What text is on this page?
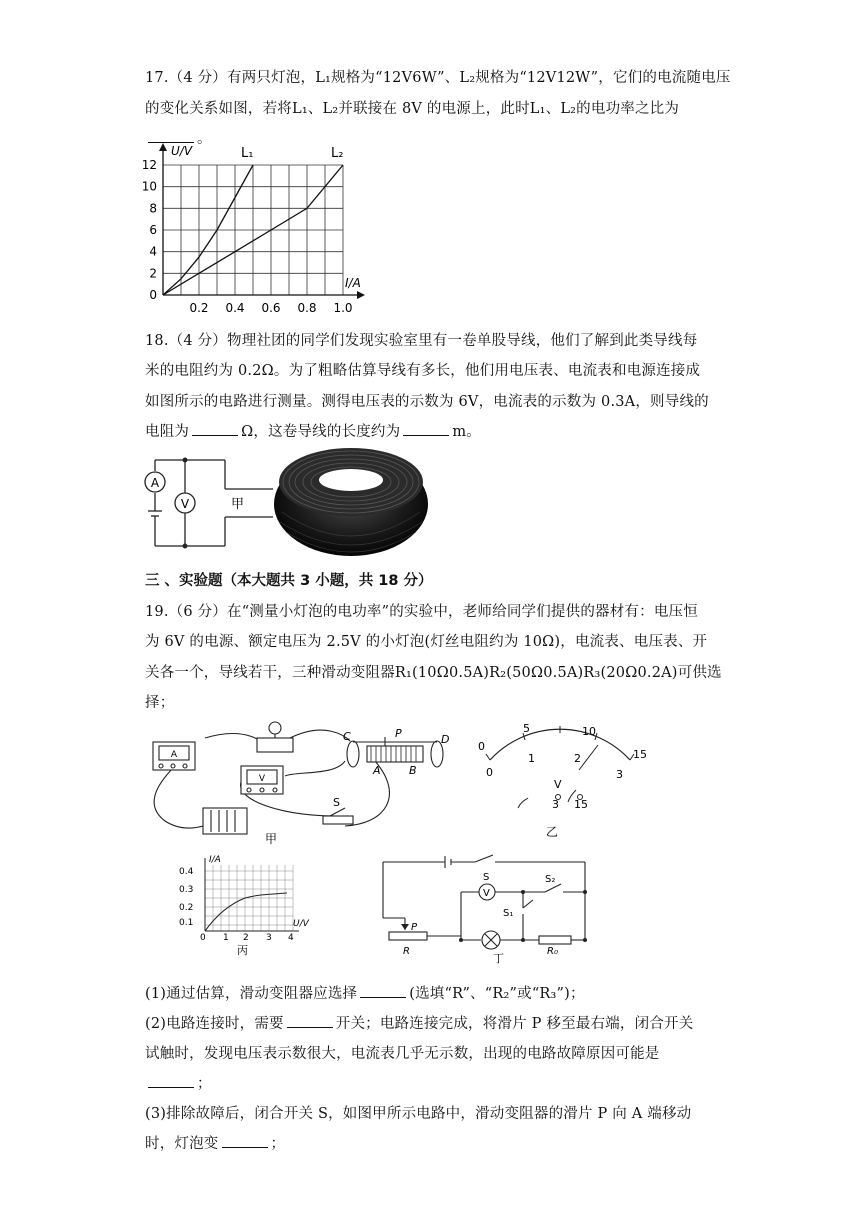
17.（4 分）有两只灯泡，L₁规格为“12V6W”、L₂规格为“12V12W”，它们的电流随电压
的变化关系如图，若将L₁、L₂并联接在 8V 的电源上，此时L₁、L₂的电功率之比为
。
0.2 0.4 0.6 0.8 1.0
0
2
4
6
8
10
12
U/V
I/A
L₁	L₂
18.（4 分）物理社团的同学们发现实验室里有一卷单股导线，他们了解到此类导线每
米的电阻约为 0.2Ω。为了粗略估算导线有多长，他们用电压表、电流表和电源连接成
如图所示的电路进行测量。测得电压表的示数为 6V，电流表的示数为 0.3A，则导线的
电阻为	Ω，这卷导线的长度约为	m。
A
V	甲
三 、实验题（本大题共 3 小题，共 18 分）
19.（6 分）在“测量小灯泡的电功率”的实验中，老师给同学们提供的器材有：电压恒
为 6V 的电源、额定电压为 2.5V 的小灯泡(灯丝电阻约为 10Ω)，电流表、电压表、开
关各一个，导线若干，三种滑动变阻器R₁(10Ω0.5A)R₂(50Ω0.5A)R₃(20Ω0.2A)可供选
择；
A
V
C	P	D
A	B
S
甲
5	10
15
0
0
1	2
3
V
3 15
乙
I/A
U/V
0.4
0.3
0.2
0.1
0 1 2 3 4
丙
S
V
S₂
S₁
P
R	R₀
丁
(1)通过估算，滑动变阻器应选择	(选填“R”、“R₂”或“R₃”)；
(2)电路连接时，需要	开关；电路连接完成，将滑片 P 移至最右端，闭合开关
试触时，发现电压表示数很大，电流表几乎无示数，出现的电路故障原因可能是
；
(3)排除故障后，闭合开关 S，如图甲所示电路中，滑动变阻器的滑片 P 向 A 端移动
时，灯泡变	；
